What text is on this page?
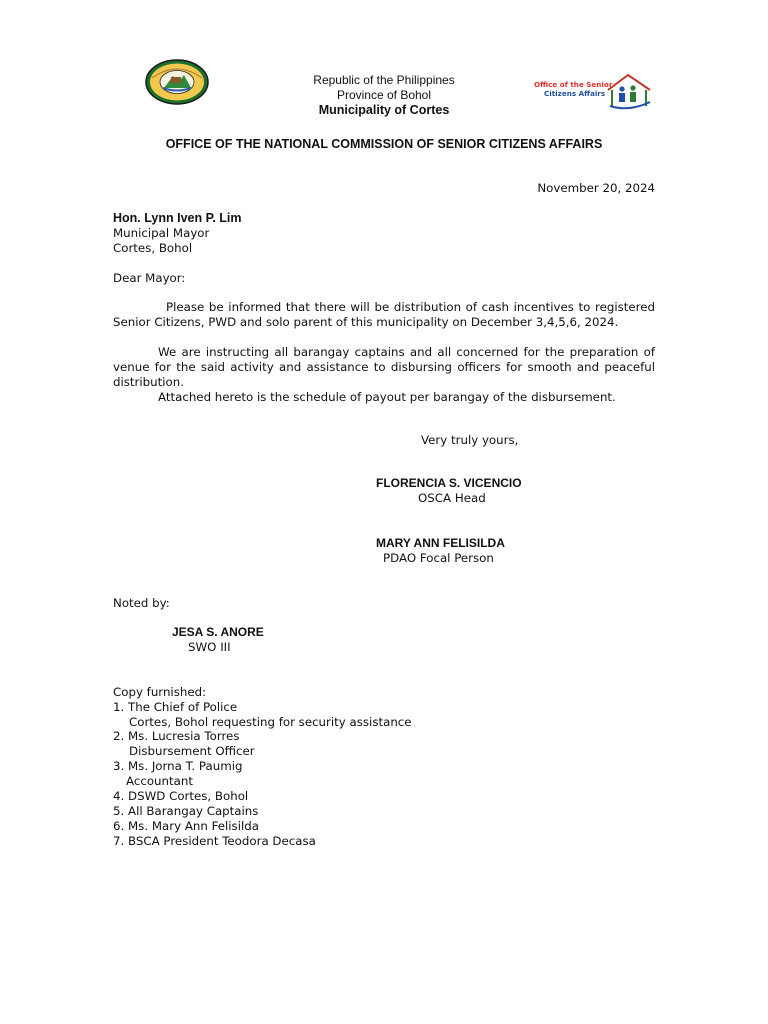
Republic of the Philippines
Province of Bohol
Municipality of Cortes
Office of the Senior
Citizens Affairs
OFFICE OF THE NATIONAL COMMISSION OF SENIOR CITIZENS AFFAIRS
November 20, 2024
Hon. Lynn Iven P. Lim
Municipal Mayor
Cortes, Bohol
Dear Mayor:
Please be informed that there will be distribution of cash incentives to registered Senior Citizens, PWD and solo parent of this municipality on December 3,4,5,6, 2024.
We are instructing all barangay captains and all concerned for the preparation of venue for the said activity and assistance to disbursing officers for smooth and peaceful distribution.
Attached hereto is the schedule of payout per barangay of the disbursement.
Very truly yours,
FLORENCIA S. VICENCIO
OSCA Head
MARY ANN FELISILDA
PDAO Focal Person
Noted by:
JESA S. ANORE
SWO III
Copy furnished:
1. The Chief of Police
Cortes, Bohol requesting for security assistance
2. Ms. Lucresia Torres
Disbursement Officer
3. Ms. Jorna T. Paumig
Accountant
4. DSWD Cortes, Bohol
5. All Barangay Captains
6. Ms. Mary Ann Felisilda
7. BSCA President Teodora Decasa
